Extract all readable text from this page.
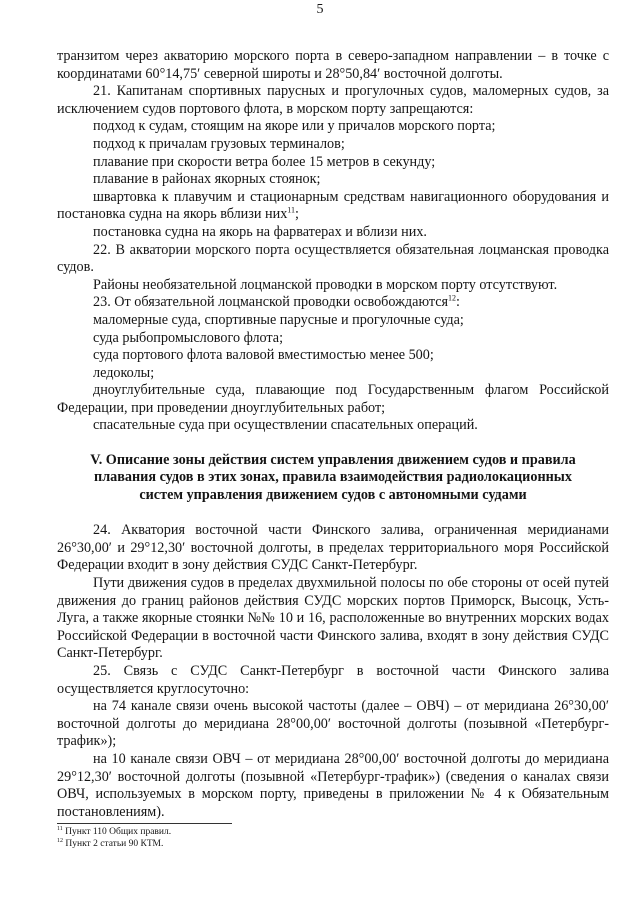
5

транзитом через акваторию морского порта в северо-западном направлении – в точке с координатами 60°14,75′ северной широты и 28°50,84′ восточной долготы.

21. Капитанам спортивных парусных и прогулочных судов, маломерных судов, за исключением судов портового флота, в морском порту запрещаются:

подход к судам, стоящим на якоре или у причалов морского порта;

подход к причалам грузовых терминалов;

плавание при скорости ветра более 15 метров в секунду;

плавание в районах якорных стоянок;

швартовка к плавучим и стационарным средствам навигационного оборудования и постановка судна на якорь вблизи них$^{11}$;

постановка судна на якорь на фарватерах и вблизи них.

22. В акватории морского порта осуществляется обязательная лоцманская проводка судов.

Районы необязательной лоцманской проводки в морском порту отсутствуют.

23. От обязательной лоцманской проводки освобождаются$^{12}$:

маломерные суда, спортивные парусные и прогулочные суда;

суда рыбопромыслового флота;

суда портового флота валовой вместимостью менее 500;

ледоколы;

дноуглубительные суда, плавающие под Государственным флагом Российской Федерации, при проведении дноуглубительных работ;

спасательные суда при осуществлении спасательных операций.

V. Описание зоны действия систем управления движением судов и правила плавания судов в этих зонах, правила взаимодействия радиолокационных систем управления движением судов с автономными судами

24. Акватория восточной части Финского залива, ограниченная меридианами 26°30,00′ и 29°12,30′ восточной долготы, в пределах территориального моря Российской Федерации входит в зону действия СУДС Санкт-Петербург.

Пути движения судов в пределах двухмильной полосы по обе стороны от осей путей движения до границ районов действия СУДС морских портов Приморск, Высоцк, Усть-Луга, а также якорные стоянки №№ 10 и 16, расположенные во внутренних морских водах Российской Федерации в восточной части Финского залива, входят в зону действия СУДС Санкт-Петербург.

25. Связь с СУДС Санкт-Петербург в восточной части Финского залива осуществляется круглосуточно:

на 74 канале связи очень высокой частоты (далее – ОВЧ) – от меридиана 26°30,00′ восточной долготы до меридиана 28°00,00′ восточной долготы (позывной «Петербург-трафик»);

на 10 канале связи ОВЧ – от меридиана 28°00,00′ восточной долготы до меридиана 29°12,30′ восточной долготы (позывной «Петербург-трафик») (сведения о каналах связи ОВЧ, используемых в морском порту, приведены в приложении № 4 к Обязательным постановлениям).

$^{11}$ Пункт 110 Общих правил.
$^{12}$ Пункт 2 статьи 90 КТМ.
